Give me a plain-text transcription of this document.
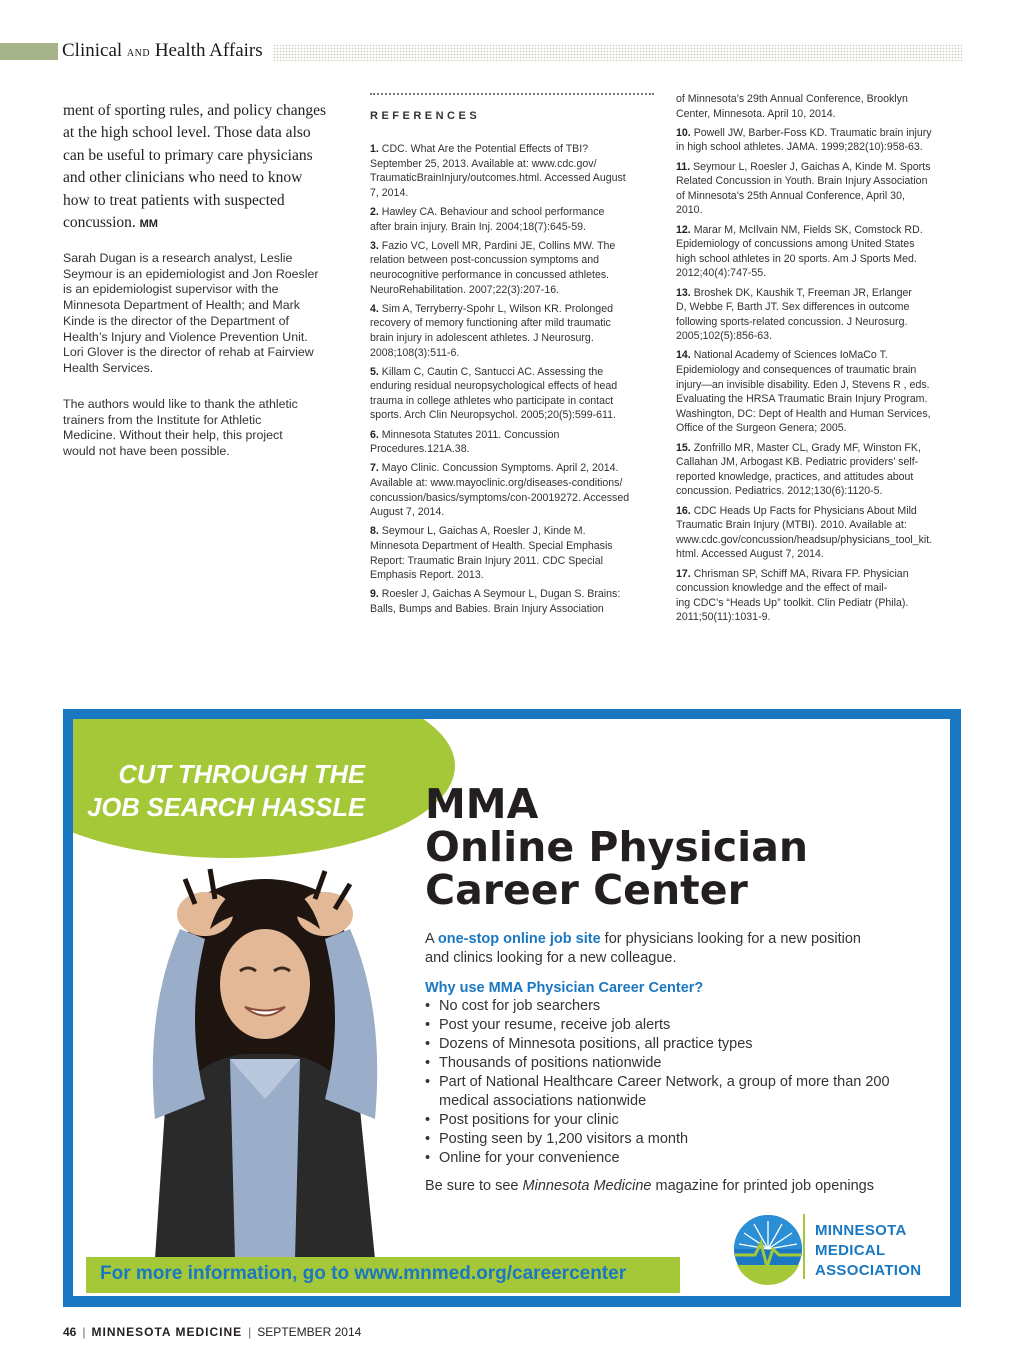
Clinical AND Health Affairs

ment of sporting rules, and policy changes

at the high school level. Those data also

can be useful to primary care physicians

and other clinicians who need to know

how to treat patients with suspected

concussion. MM

Sarah Dugan is a research analyst, Leslie

Seymour is an epidemiologist and Jon Roesler

is an epidemiologist supervisor with the

Minnesota Department of Health; and Mark

Kinde is the director of the Department of

Health’s Injury and Violence Prevention Unit.

Lori Glover is the director of rehab at Fairview

Health Services.

The authors would like to thank the athletic

trainers from the Institute for Athletic

Medicine. Without their help, this project

would not have been possible.

REFERENCES
1. CDC. What Are the Potential Effects of TBI?
September 25, 2013. Available at: www.cdc.gov/
TraumaticBrainInjury/outcomes.html. Accessed August
7, 2014.
2. Hawley CA. Behaviour and school performance
after brain injury. Brain Inj. 2004;18(7):645-59.
3. Fazio VC, Lovell MR, Pardini JE, Collins MW. The
relation between post-concussion symptoms and
neurocognitive performance in concussed athletes.
NeuroRehabilitation. 2007;22(3):207-16.
4. Sim A, Terryberry-Spohr L, Wilson KR. Prolonged
recovery of memory functioning after mild traumatic
brain injury in adolescent athletes. J Neurosurg.
2008;108(3):511-6.
5. Killam C, Cautin C, Santucci AC. Assessing the
enduring residual neuropsychological effects of head
trauma in college athletes who participate in contact
sports. Arch Clin Neuropsychol. 2005;20(5):599-611.
6. Minnesota Statutes 2011. Concussion
Procedures.121A.38.
7. Mayo Clinic. Concussion Symptoms. April 2, 2014.
Available at: www.mayoclinic.org/diseases-conditions/
concussion/basics/symptoms/con-20019272. Accessed
August 7, 2014.
8. Seymour L, Gaichas A, Roesler J, Kinde M.
Minnesota Department of Health. Special Emphasis
Report: Traumatic Brain Injury 2011. CDC Special
Emphasis Report. 2013.
9. Roesler J, Gaichas A Seymour L, Dugan S. Brains:
Balls, Bumps and Babies. Brain Injury Association
of Minnesota’s 29th Annual Conference, Brooklyn
Center, Minnesota. April 10, 2014.
10. Powell JW, Barber-Foss KD. Traumatic brain injury
in high school athletes. JAMA. 1999;282(10):958-63.
11. Seymour L, Roesler J, Gaichas A, Kinde M. Sports
Related Concussion in Youth. Brain Injury Association
of Minnesota’s 25th Annual Conference, April 30,
2010.
12. Marar M, McIlvain NM, Fields SK, Comstock RD.
Epidemiology of concussions among United States
high school athletes in 20 sports. Am J Sports Med.
2012;40(4):747-55.
13. Broshek DK, Kaushik T, Freeman JR, Erlanger
D, Webbe F, Barth JT. Sex differences in outcome
following sports-related concussion. J Neurosurg.
2005;102(5):856-63.
14. National Academy of Sciences IoMaCo T.
Epidemiology and consequences of traumatic brain
injury—an invisible disability. Eden J, Stevens R , eds.
Evaluating the HRSA Traumatic Brain Injury Program.
Washington, DC: Dept of Health and Human Services,
Office of the Surgeon Genera; 2005.
15. Zonfrillo MR, Master CL, Grady MF, Winston FK,
Callahan JM, Arbogast KB. Pediatric providers’ self-
reported knowledge, practices, and attitudes about
concussion. Pediatrics. 2012;130(6):1120-5.
16. CDC Heads Up Facts for Physicians About Mild
Traumatic Brain Injury (MTBI). 2010. Available at:
www.cdc.gov/concussion/headsup/physicians_tool_kit.
html. Accessed August 7, 2014.
17. Chrisman SP, Schiff MA, Rivara FP. Physician
concussion knowledge and the effect of mail-
ing CDC’s “Heads Up” toolkit. Clin Pediatr (Phila).
2011;50(11):1031-9.
CUT THROUGH THE
JOB SEARCH HASSLE MMA
Online Physician
Career Center
A one-stop online job site for physicians looking for a new position
and clinics looking for a new colleague.
Why use MMA Physician Career Center?
• No cost for job searchers
• Post your resume, receive job alerts
• Dozens of Minnesota positions, all practice types
• Thousands of positions nationwide
• Part of National Healthcare Career Network, a group of more than 200 medical associations nationwide
• Post positions for your clinic
• Posting seen by 1,200 visitors a month
• Online for your convenience
Be sure to see Minnesota Medicine magazine for printed job openings
MINNESOTA
MEDICAL
ASSOCIATION
For more information, go to www.mnmed.org/careercenter
46 | MINNESOTA MEDICINE | SEPTEMBER 2014
